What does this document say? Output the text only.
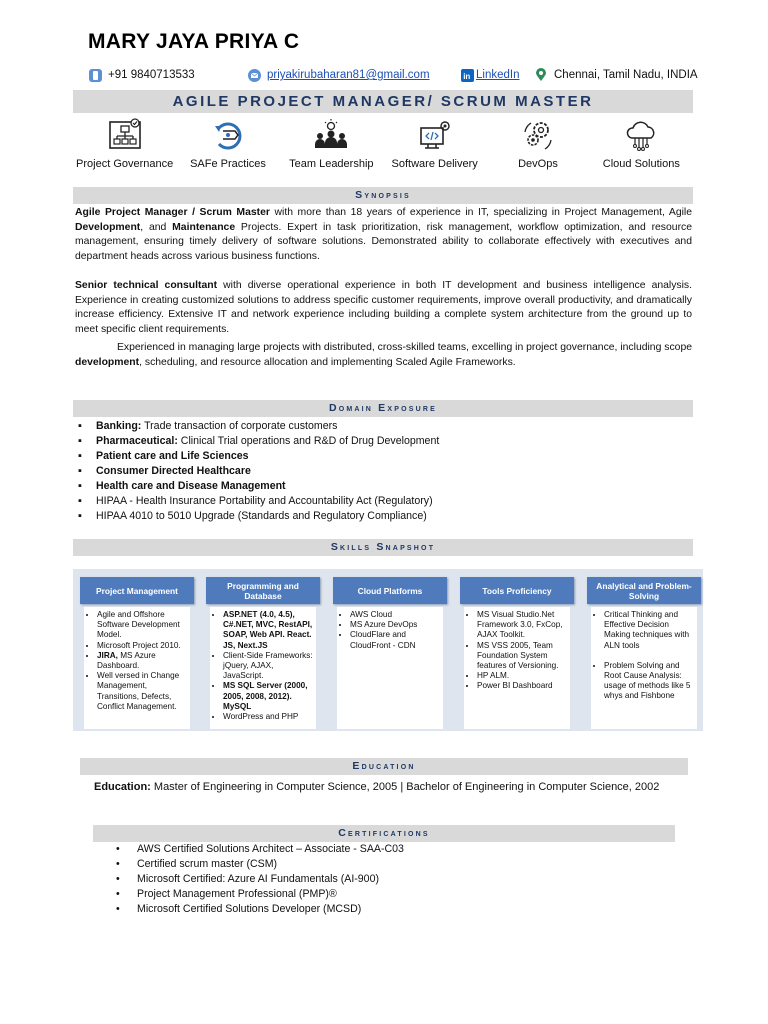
MARY JAYA PRIYA C
+91 9840713533	priyakirubaharan81@gmail.com	in LinkedIn	Chennai, Tamil Nadu, INDIA
AGILE PROJECT MANAGER/ SCRUM MASTER
Project Governance	SAFe Practices	Team Leadership	Software Delivery	DevOps	Cloud Solutions
Synopsis
Agile Project Manager / Scrum Master with more than 18 years of experience in IT, specializing in Project Management, Agile Development, and Maintenance Projects. Expert in task prioritization, risk management, workflow optimization, and resource management, ensuring timely delivery of software solutions. Demonstrated ability to collaborate effectively with executives and department heads across various business functions.
Senior technical consultant with diverse operational experience in both IT development and business intelligence analysis. Experience in creating customized solutions to address specific customer requirements, improve overall productivity, and dramatically increase efficiency. Extensive IT and network experience including building a complete system architecture from the ground up to meet specific client requirements.
Experienced in managing large projects with distributed, cross-skilled teams, excelling in project governance, including scope development, scheduling, and resource allocation and implementing Scaled Agile Frameworks.
Domain Exposure
▪ Banking: Trade transaction of corporate customers
▪ Pharmaceutical: Clinical Trial operations and R&D of Drug Development
▪ Patient care and Life Sciences
▪ Consumer Directed Healthcare
▪ Health care and Disease Management
▪ HIPAA - Health Insurance Portability and Accountability Act (Regulatory)
▪ HIPAA 4010 to 5010 Upgrade (Standards and Regulatory Compliance)
Skills Snapshot
Project Management
• Agile and Offshore Software Development Model.
• Microsoft Project 2010.
• JIRA, MS Azure Dashboard.
• Well versed in Change Management, Transitions, Defects, Conflict Management.
Programming and Database
• ASP.NET (4.0, 4.5), C#.NET, MVC, RestAPI, SOAP, Web API. React. JS, Next.JS
• Client-Side Frameworks: jQuery, AJAX, JavaScript.
• MS SQL Server (2000, 2005, 2008, 2012). MySQL
• WordPress and PHP
Cloud Platforms
• AWS Cloud
• MS Azure DevOps
• CloudFlare and CloudFront - CDN
Tools Proficiency
• MS Visual Studio.Net Framework 3.0, FxCop, AJAX Toolkit.
• MS VSS 2005, Team Foundation System features of Versioning.
• HP ALM.
• Power BI Dashboard
Analytical and Problem-Solving
• Critical Thinking and Effective Decision Making techniques with ALN tools
• Problem Solving and Root Cause Analysis: usage of methods like 5 whys and Fishbone
Education
Education: Master of Engineering in Computer Science, 2005 | Bachelor of Engineering in Computer Science, 2002
Certifications
• AWS Certified Solutions Architect – Associate - SAA-C03
• Certified scrum master (CSM)
• Microsoft Certified: Azure AI Fundamentals (AI-900)
• Project Management Professional (PMP)®
• Microsoft Certified Solutions Developer (MCSD)
